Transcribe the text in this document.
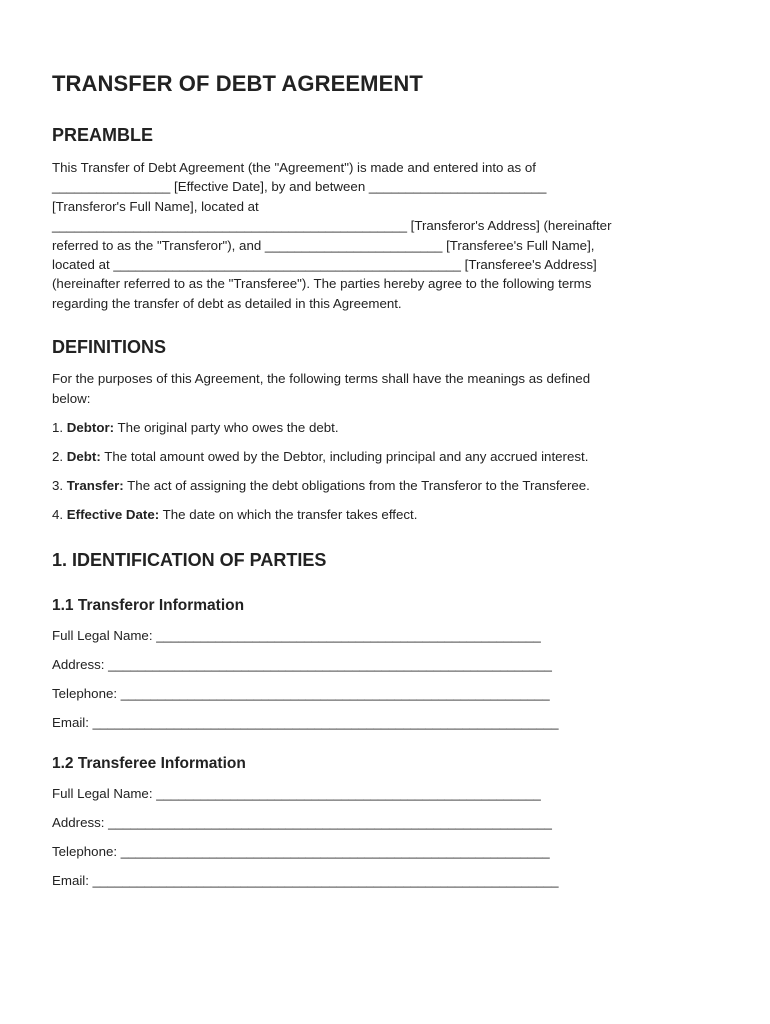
TRANSFER OF DEBT AGREEMENT
PREAMBLE

This Transfer of Debt Agreement (the "Agreement") is made and entered into as of

________________ [Effective Date], by and between ________________________

[Transferor's Full Name], located at

________________________________________________ [Transferor's Address] (hereinafter

referred to as the "Transferor"), and ________________________ [Transferee's Full Name],

located at _______________________________________________ [Transferee's Address]

(hereinafter referred to as the "Transferee"). The parties hereby agree to the following terms

regarding the transfer of debt as detailed in this Agreement.

DEFINITIONS

For the purposes of this Agreement, the following terms shall have the meanings as defined

below:

1. Debtor: The original party who owes the debt.

2. Debt: The total amount owed by the Debtor, including principal and any accrued interest.

3. Transfer: The act of assigning the debt obligations from the Transferor to the Transferee.

4. Effective Date: The date on which the transfer takes effect.

1. IDENTIFICATION OF PARTIES
1.1 Transferor Information

Full Legal Name: ____________________________________________________

Address: ____________________________________________________________

Telephone: __________________________________________________________

Email: _______________________________________________________________

1.2 Transferee Information

Full Legal Name: ____________________________________________________

Address: ____________________________________________________________

Telephone: __________________________________________________________

Email: _______________________________________________________________
